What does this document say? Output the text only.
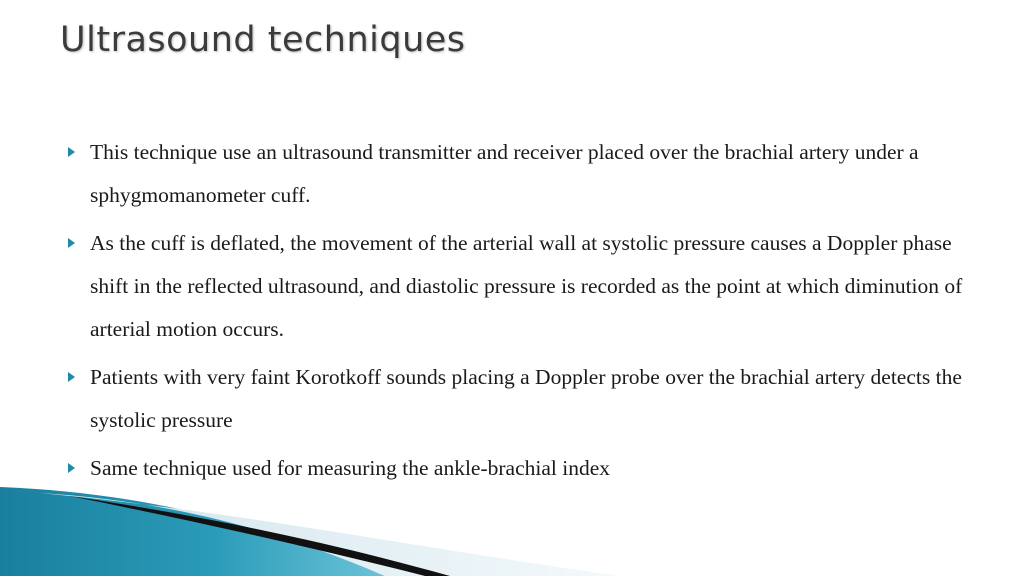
Ultrasound techniques
This technique use an ultrasound transmitter and receiver placed over the brachial artery under a sphygmomanometer cuff.
As the cuff is deflated, the movement of the arterial wall at systolic pressure causes a Doppler phase shift in the reflected ultrasound, and diastolic pressure is recorded as the point at which diminution of arterial motion occurs.
Patients with very faint Korotkoff sounds placing a Doppler probe over the brachial artery detects the systolic pressure
Same technique used for measuring the ankle-brachial index
